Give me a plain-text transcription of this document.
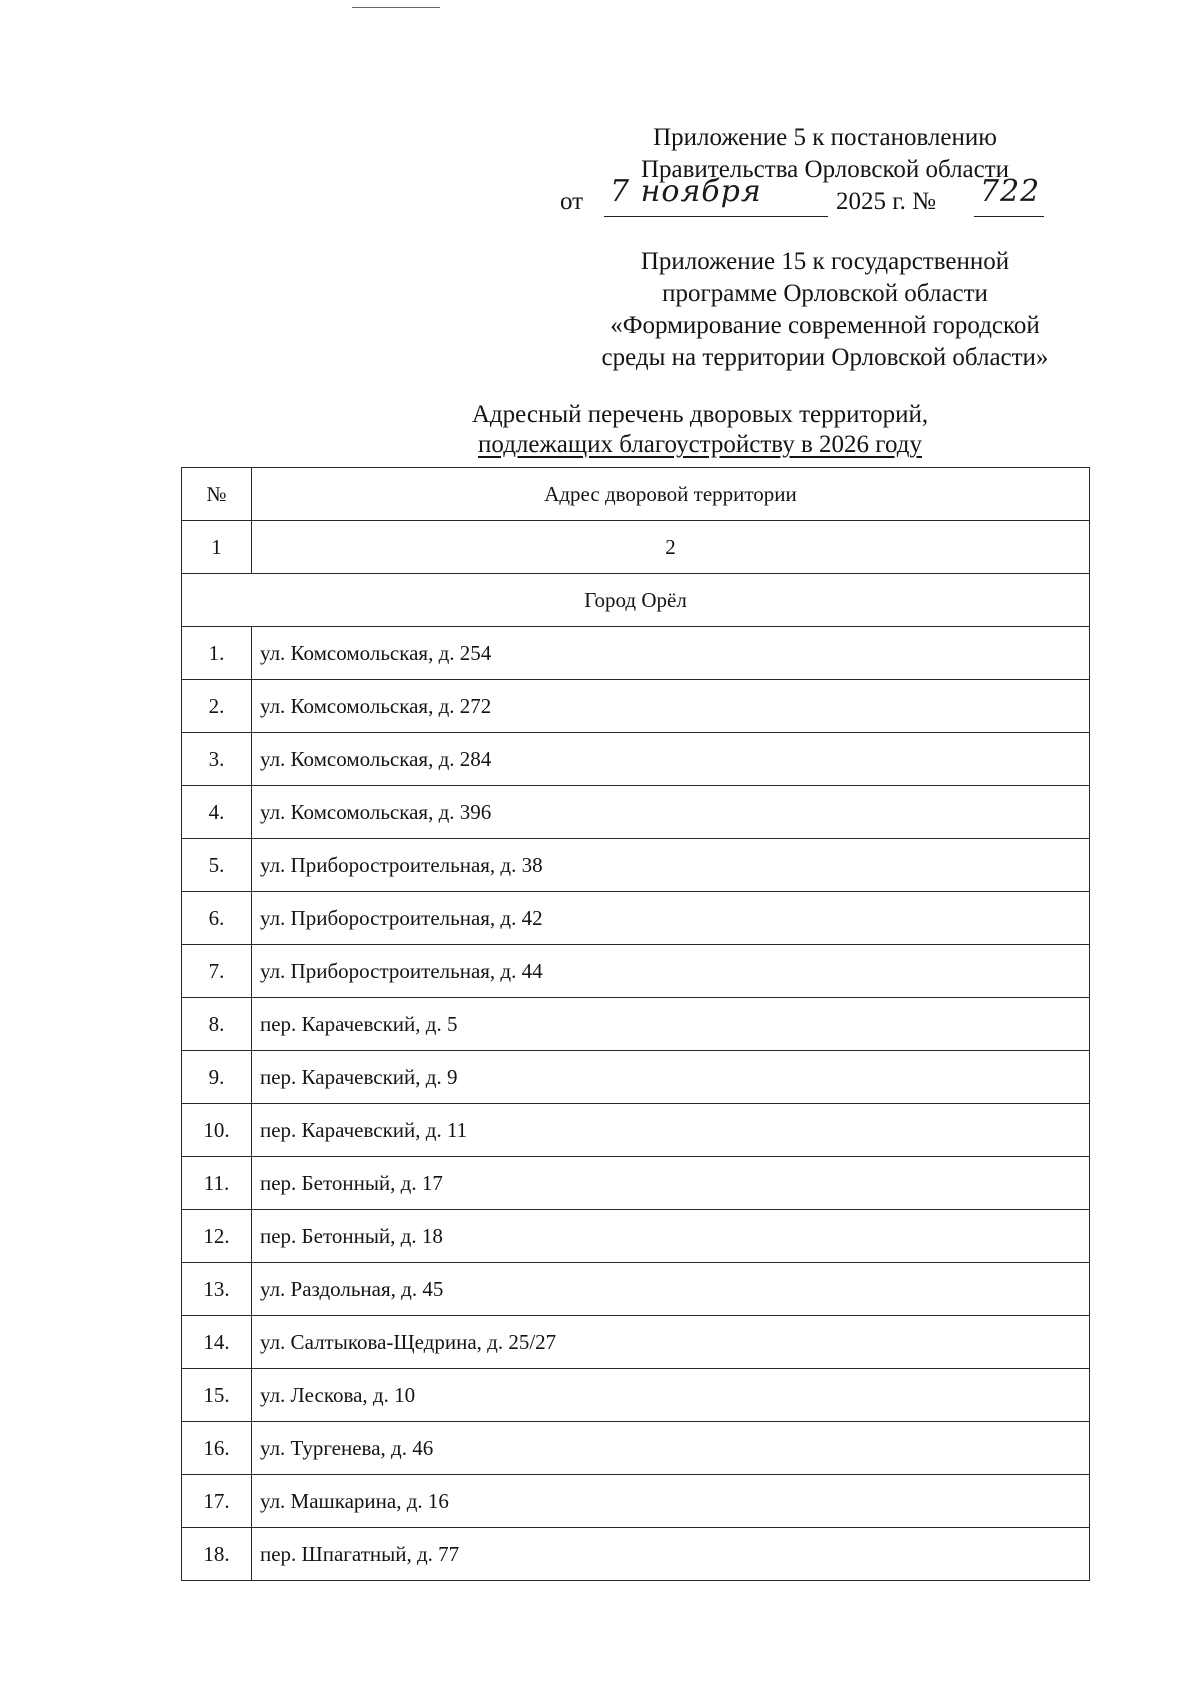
Приложение 5 к постановлению
Правительства Орловской области
от 7 ноября	2025 г. № 722
Приложение 15 к государственной
программе Орловской области
«Формирование современной городской
среды на территории Орловской области»
Адресный перечень дворовых территорий,
подлежащих благоустройству в 2026 году
№	Адрес дворовой территории
1	2
Город Орёл	
1.	ул. Комсомольская, д. 254
2.	ул. Комсомольская, д. 272
3.	ул. Комсомольская, д. 284
4.	ул. Комсомольская, д. 396
5.	ул. Приборостроительная, д. 38
6.	ул. Приборостроительная, д. 42
7.	ул. Приборостроительная, д. 44
8.	пер. Карачевский, д. 5
9.	пер. Карачевский, д. 9
10.	пер. Карачевский, д. 11
11.	пер. Бетонный, д. 17
12.	пер. Бетонный, д. 18
13.	ул. Раздольная, д. 45
14.	ул. Салтыкова-Щедрина, д. 25/27
15.	ул. Лескова, д. 10
16.	ул. Тургенева, д. 46
17.	ул. Машкарина, д. 16
18.	пер. Шпагатный, д. 77
